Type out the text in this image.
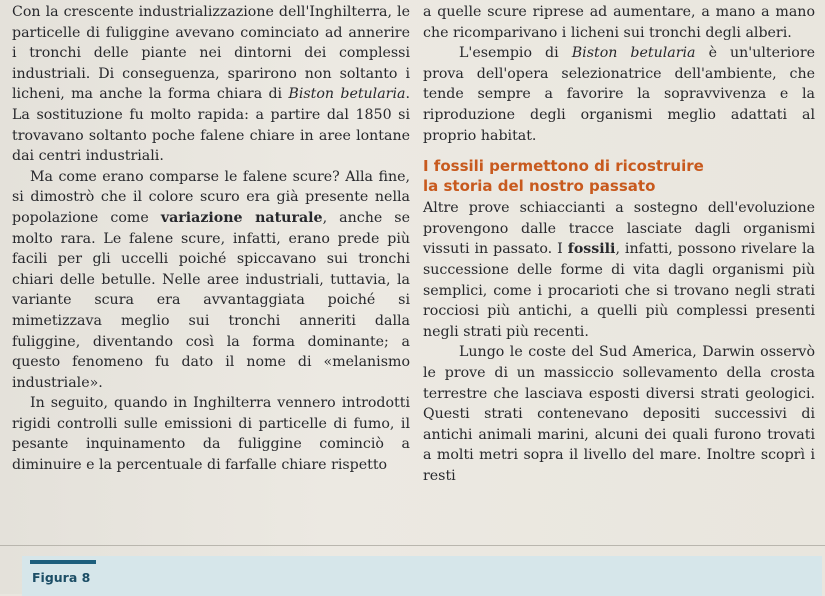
Con la crescente industrializzazione dell'Inghilterra, le particelle di fuliggine avevano cominciato ad annerire i tronchi delle piante nei dintorni dei complessi industriali. Di conseguenza, sparirono non soltanto i licheni, ma anche la forma chiara di Biston betularia. La sostituzione fu molto rapida: a partire dal 1850 si trovavano soltanto poche falene chiare in aree lontane dai centri industriali.

Ma come erano comparse le falene scure? Alla fine, si dimostrò che il colore scuro era già presente nella popolazione come variazione naturale, anche se molto rara. Le falene scure, infatti, erano prede più facili per gli uccelli poiché spiccavano sui tronchi chiari delle betulle. Nelle aree industriali, tuttavia, la variante scura era avvantaggiata poiché si mimetizzava meglio sui tronchi anneriti dalla fuliggine, diventando così la forma dominante; a questo fenomeno fu dato il nome di «melanismo industriale».

In seguito, quando in Inghilterra vennero introdotti rigidi controlli sulle emissioni di particelle di fumo, il pesante inquinamento da fuliggine cominciò a diminuire e la percentuale di farfalle chiare rispetto

a quelle scure riprese ad aumentare, a mano a mano che ricomparivano i licheni sui tronchi degli alberi.

L'esempio di Biston betularia è un'ulteriore prova dell'opera selezionatrice dell'ambiente, che tende sempre a favorire la sopravvivenza e la riproduzione degli organismi meglio adattati al proprio habitat.

I fossili permettono di ricostruire
la storia del nostro passato

Altre prove schiaccianti a sostegno dell'evoluzione provengono dalle tracce lasciate dagli organismi vissuti in passato. I fossili, infatti, possono rivelare la successione delle forme di vita dagli organismi più semplici, come i procarioti che si trovano negli strati rocciosi più antichi, a quelli più complessi presenti negli strati più recenti.

Lungo le coste del Sud America, Darwin osservò le prove di un massiccio sollevamento della crosta terrestre che lasciava esposti diversi strati geologici. Questi strati contenevano depositi successivi di antichi animali marini, alcuni dei quali furono trovati a molti metri sopra il livello del mare. Inoltre scoprì i resti

Figura 8
